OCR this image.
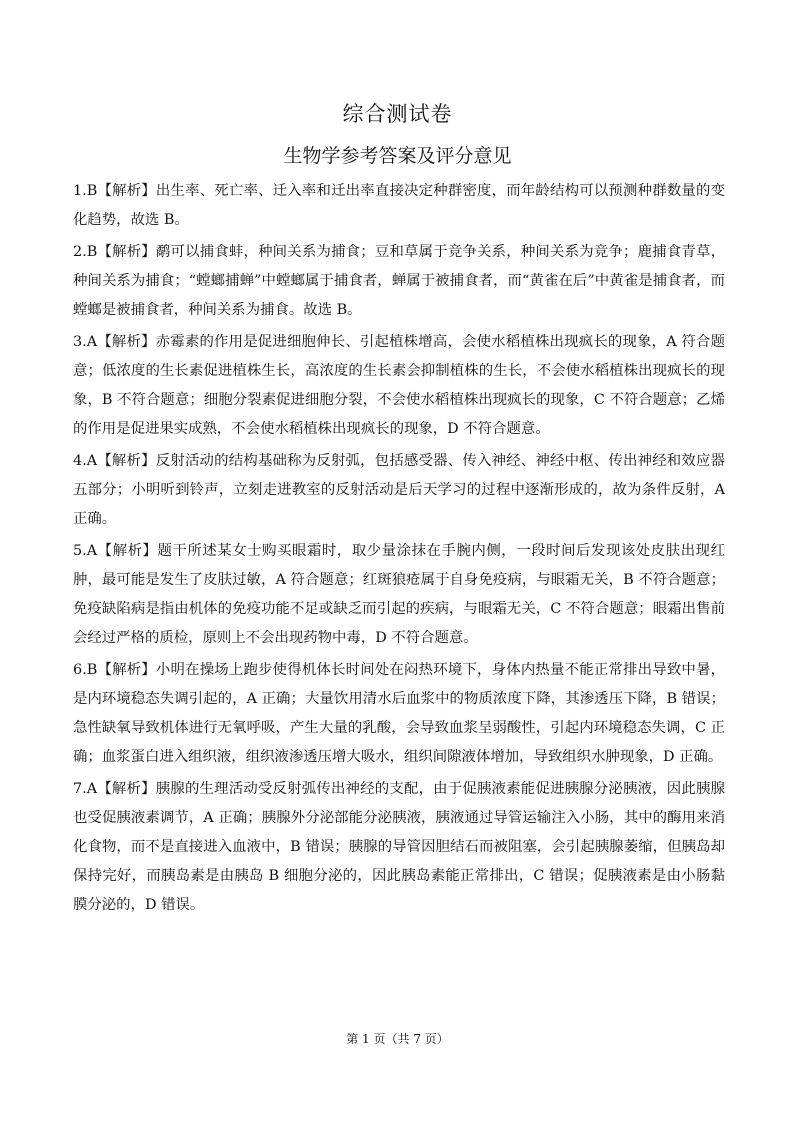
综合测试卷
生物学参考答案及评分意见

1.B【解析】出生率、死亡率、迁入率和迁出率直接决定种群密度，而年龄结构可以预测种群数量的变化趋势，故选 B。

2.B【解析】鹬可以捕食蚌，种间关系为捕食；豆和草属于竞争关系，种间关系为竞争；鹿捕食青草，种间关系为捕食；“螳螂捕蝉”中螳螂属于捕食者，蝉属于被捕食者，而“黄雀在后”中黄雀是捕食者，而螳螂是被捕食者，种间关系为捕食。故选 B。

3.A【解析】赤霉素的作用是促进细胞伸长、引起植株增高，会使水稻植株出现疯长的现象，A 符合题意；低浓度的生长素促进植株生长，高浓度的生长素会抑制植株的生长，不会使水稻植株出现疯长的现象，B 不符合题意；细胞分裂素促进细胞分裂，不会使水稻植株出现疯长的现象，C 不符合题意；乙烯的作用是促进果实成熟，不会使水稻植株出现疯长的现象，D 不符合题意。

4.A【解析】反射活动的结构基础称为反射弧，包括感受器、传入神经、神经中枢、传出神经和效应器五部分；小明听到铃声，立刻走进教室的反射活动是后天学习的过程中逐渐形成的，故为条件反射，A 正确。

5.A【解析】题干所述某女士购买眼霜时，取少量涂抹在手腕内侧，一段时间后发现该处皮肤出现红肿，最可能是发生了皮肤过敏，A 符合题意；红斑狼疮属于自身免疫病，与眼霜无关，B 不符合题意；免疫缺陷病是指由机体的免疫功能不足或缺乏而引起的疾病，与眼霜无关，C 不符合题意；眼霜出售前会经过严格的质检，原则上不会出现药物中毒，D 不符合题意。

6.B【解析】小明在操场上跑步使得机体长时间处在闷热环境下，身体内热量不能正常排出导致中暑，是内环境稳态失调引起的，A 正确；大量饮用清水后血浆中的物质浓度下降，其渗透压下降，B 错误；急性缺氧导致机体进行无氧呼吸，产生大量的乳酸，会导致血浆呈弱酸性，引起内环境稳态失调，C 正确；血浆蛋白进入组织液，组织液渗透压增大吸水，组织间隙液体增加，导致组织水肿现象，D 正确。

7.A【解析】胰腺的生理活动受反射弧传出神经的支配，由于促胰液素能促进胰腺分泌胰液，因此胰腺也受促胰液素调节，A 正确；胰腺外分泌部能分泌胰液，胰液通过导管运输注入小肠，其中的酶用来消化食物，而不是直接进入血液中，B 错误；胰腺的导管因胆结石而被阻塞，会引起胰腺萎缩，但胰岛却保持完好，而胰岛素是由胰岛 B 细胞分泌的，因此胰岛素能正常排出，C 错误；促胰液素是由小肠黏膜分泌的，D 错误。

第 1 页（共 7 页）
